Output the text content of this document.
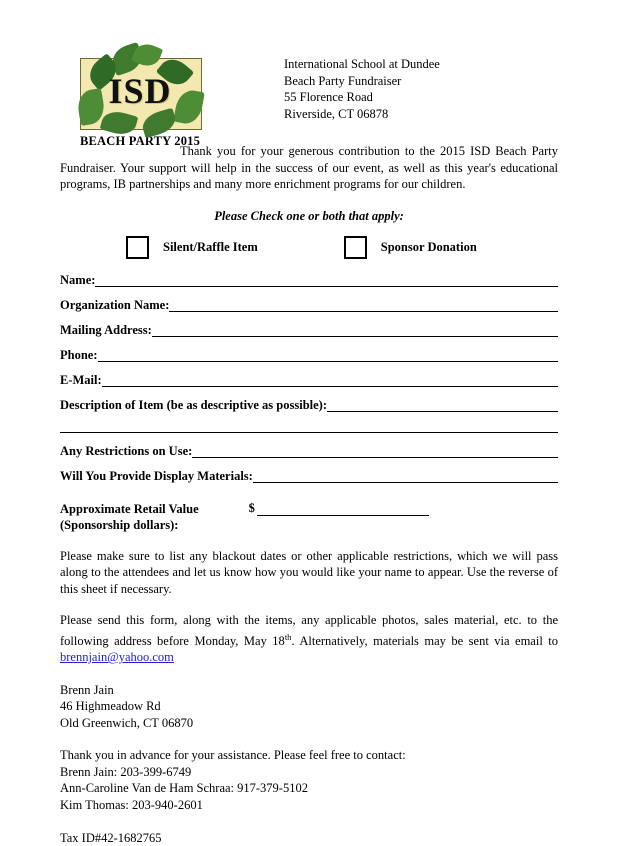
ISD
BEACH PARTY 2015
International School at Dundee
Beach Party Fundraiser
55 Florence Road
Riverside, CT 06878
Thank you for your generous contribution to the 2015 ISD Beach Party Fundraiser. Your support will help in the success of our event, as well as this year's educational programs, IB partnerships and many more enrichment programs for our children.
Please Check one or both that apply:
Silent/Raffle Item	Sponsor Donation
Name:
Organization Name:
Mailing Address:
Phone:
E-Mail:
Description of Item (be as descriptive as possible):
Any Restrictions on Use:
Will You Provide Display Materials:
Approximate Retail Value
(Sponsorship dollars):
$
Please make sure to list any blackout dates or other applicable restrictions, which we will pass along to the attendees and let us know how you would like your name to appear. Use the reverse of this sheet if necessary.
Please send this form, along with the items, any applicable photos, sales material, etc. to the following address before Monday, May 18th. Alternatively, materials may be sent via email to brennjain@yahoo.com
Brenn Jain
46 Highmeadow Rd
Old Greenwich, CT 06870
Thank you in advance for your assistance. Please feel free to contact:
Brenn Jain: 203-399-6749
Ann-Caroline Van de Ham Schraa: 917-379-5102
Kim Thomas: 203-940-2601
Tax ID#42-1682765
